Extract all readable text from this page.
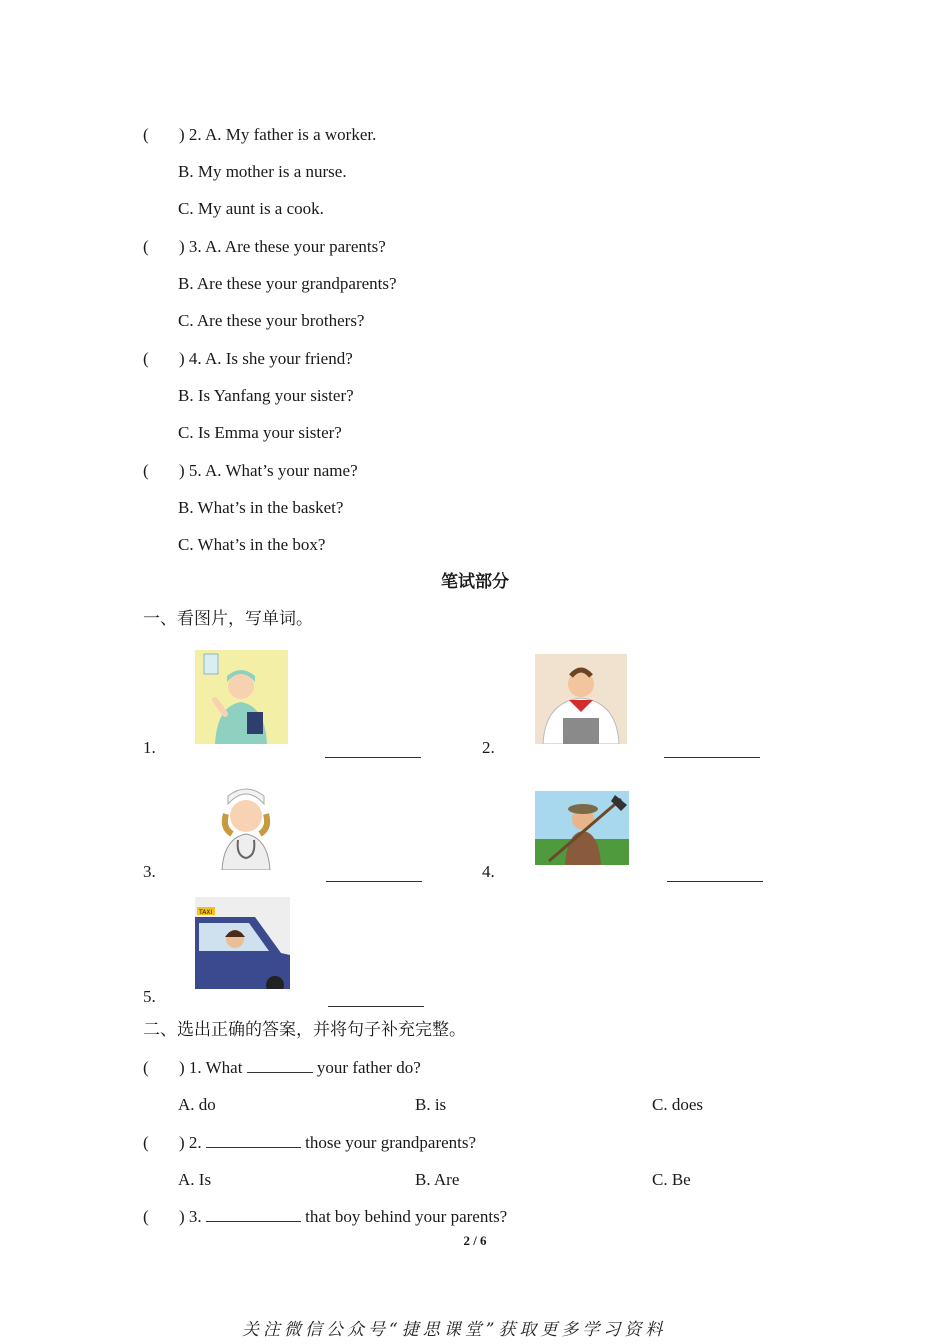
( ) 2. A. My father is a worker.
B. My mother is a nurse.
C. My aunt is a cook.
( ) 3. A. Are these your parents?
B. Are these your grandparents?
C. Are these your brothers?
( ) 4. A. Is she your friend?
B. Is Yanfang your sister?
C. Is Emma your sister?
( ) 5. A. What’s your name?
B. What’s in the basket?
C. What’s in the box?
笔试部分
一、看图片，写单词。
1.	2.
3.	4.
TAXI
5.
二、选出正确的答案，并将句子补充完整。
( ) 1. What	your father do?
A. do	B. is	C. does
( ) 2.	those your grandparents?
A. Is	B. Are	C. Be
( ) 3.	that boy behind your parents?
2 / 6
关注微信公众号“捷思课堂”获取更多学习资料
